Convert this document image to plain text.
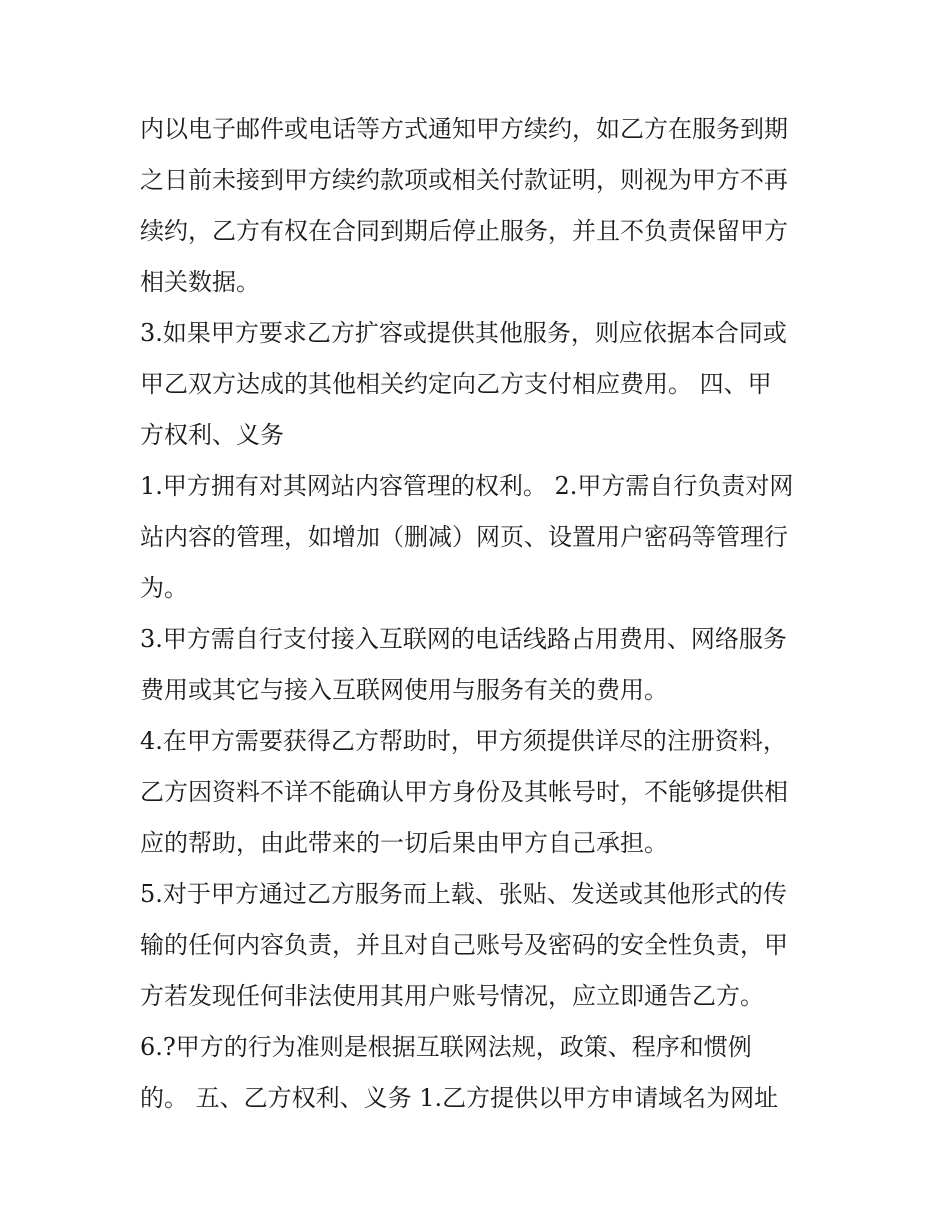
内以电子邮件或电话等方式通知甲方续约，如乙方在服务到期
之日前未接到甲方续约款项或相关付款证明，则视为甲方不再
续约，乙方有权在合同到期后停止服务，并且不负责保留甲方
相关数据。
3.如果甲方要求乙方扩容或提供其他服务，则应依据本合同或
甲乙双方达成的其他相关约定向乙方支付相应费用。 四、甲
方权利、义务
1.甲方拥有对其网站内容管理的权利。 2.甲方需自行负责对网
站内容的管理，如增加（删减）网页、设置用户密码等管理行
为。
3.甲方需自行支付接入互联网的电话线路占用费用、网络服务
费用或其它与接入互联网使用与服务有关的费用。
4.在甲方需要获得乙方帮助时，甲方须提供详尽的注册资料，
乙方因资料不详不能确认甲方身份及其帐号时，不能够提供相
应的帮助，由此带来的一切后果由甲方自己承担。
5.对于甲方通过乙方服务而上载、张贴、发送或其他形式的传
输的任何内容负责，并且对自己账号及密码的安全性负责，甲
方若发现任何非法使用其用户账号情况，应立即通告乙方。
6.?甲方的行为准则是根据互联网法规，政策、程序和惯例
的。 五、乙方权利、义务 1.乙方提供以甲方申请域名为网址
